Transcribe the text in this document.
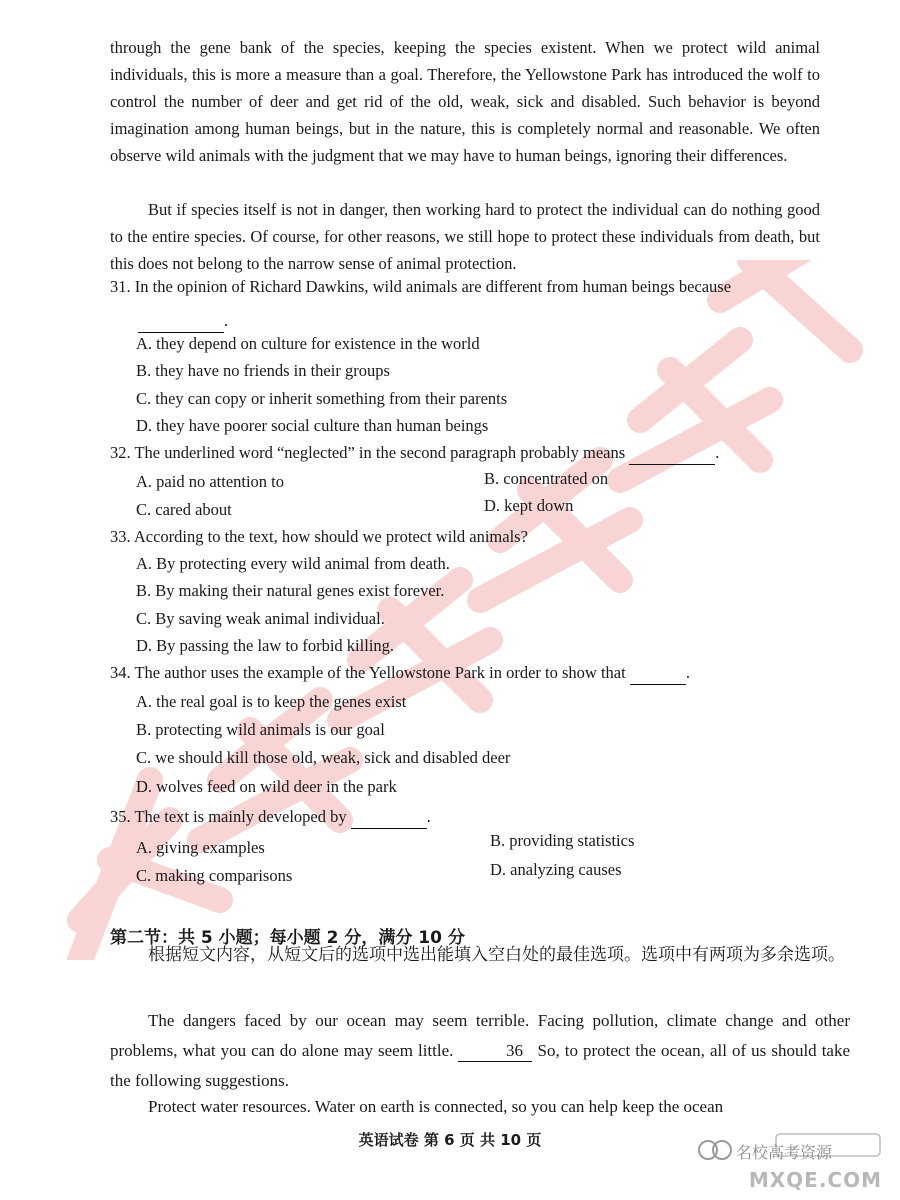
through the gene bank of the species, keeping the species existent. When we protect wild animal individuals, this is more a measure than a goal. Therefore, the Yellowstone Park has introduced the wolf to control the number of deer and get rid of the old, weak, sick and disabled. Such behavior is beyond imagination among human beings, but in the nature, this is completely normal and reasonable. We often observe wild animals with the judgment that we may have to human beings, ignoring their differences.

But if species itself is not in danger, then working hard to protect the individual can do nothing good to the entire species. Of course, for other reasons, we still hope to protect these individuals from death, but this does not belong to the narrow sense of animal protection.

31. In the opinion of Richard Dawkins, wild animals are different from human beings because
.
A. they depend on culture for existence in the world
B. they have no friends in their groups
C. they can copy or inherit something from their parents
D. they have poorer social culture than human beings
32. The underlined word “neglected” in the second paragraph probably means	.
A. paid no attention to	B. concentrated on
C. cared about	D. kept down
33. According to the text, how should we protect wild animals?
A. By protecting every wild animal from death.
B. By making their natural genes exist forever.
C. By saving weak animal individual.
D. By passing the law to forbid killing.
34. The author uses the example of the Yellowstone Park in order to show that	.
A. the real goal is to keep the genes exist
B. protecting wild animals is our goal
C. we should kill those old, weak, sick and disabled deer
D. wolves feed on wild deer in the park
35. The text is mainly developed by	.
A. giving examples	B. providing statistics
C. making comparisons	D. analyzing causes
第二节：共 5 小题；每小题 2 分，满分 10 分

根据短文内容，从短文后的选项中选出能填入空白处的最佳选项。选项中有两项为多余选项。

The dangers faced by our ocean may seem terrible. Facing pollution, climate change and other problems, what you can do alone may seem little.	36 So, to protect the ocean, all of us should take the following suggestions.

Protect water resources. Water on earth is connected, so you can help keep the ocean

英语试卷 第 6 页 共 10 页
名校高考资源
MXQE.COM
